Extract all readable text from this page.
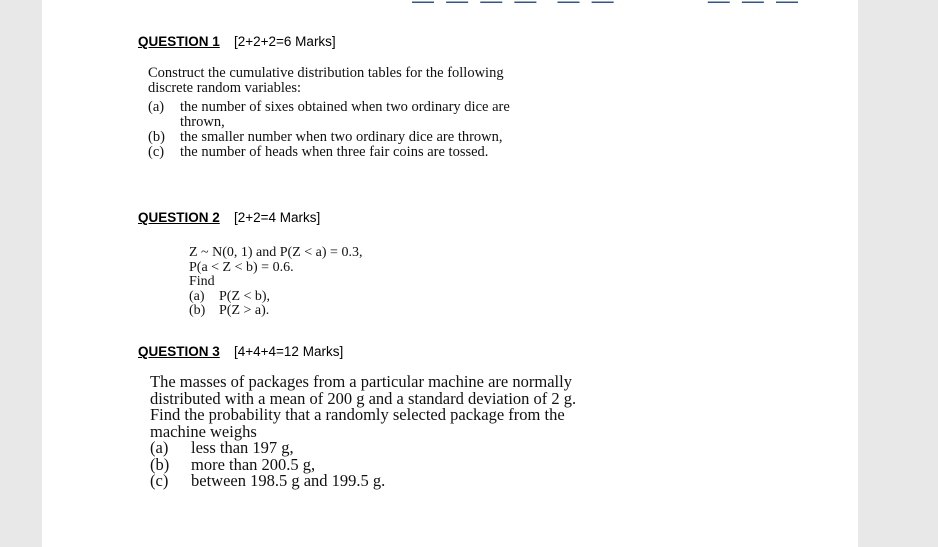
— — — —  — —          — — —
QUESTION 1 [2+2+2=6 Marks]
Construct the cumulative distribution tables for the following discrete random variables:
(a) the number of sixes obtained when two ordinary dice are thrown,
(b) the smaller number when two ordinary dice are thrown,
(c) the number of heads when three fair coins are tossed.
QUESTION 2 [2+2=4 Marks]
Z ~ N(0, 1) and P(Z < a) = 0.3,
P(a < Z < b) = 0.6.
Find
(a) P(Z < b),
(b) P(Z > a).
QUESTION 3 [4+4+4=12 Marks]
The masses of packages from a particular machine are normally distributed with a mean of 200 g and a standard deviation of 2 g. Find the probability that a randomly selected package from the machine weighs
(a) less than 197 g,
(b) more than 200.5 g,
(c) between 198.5 g and 199.5 g.
